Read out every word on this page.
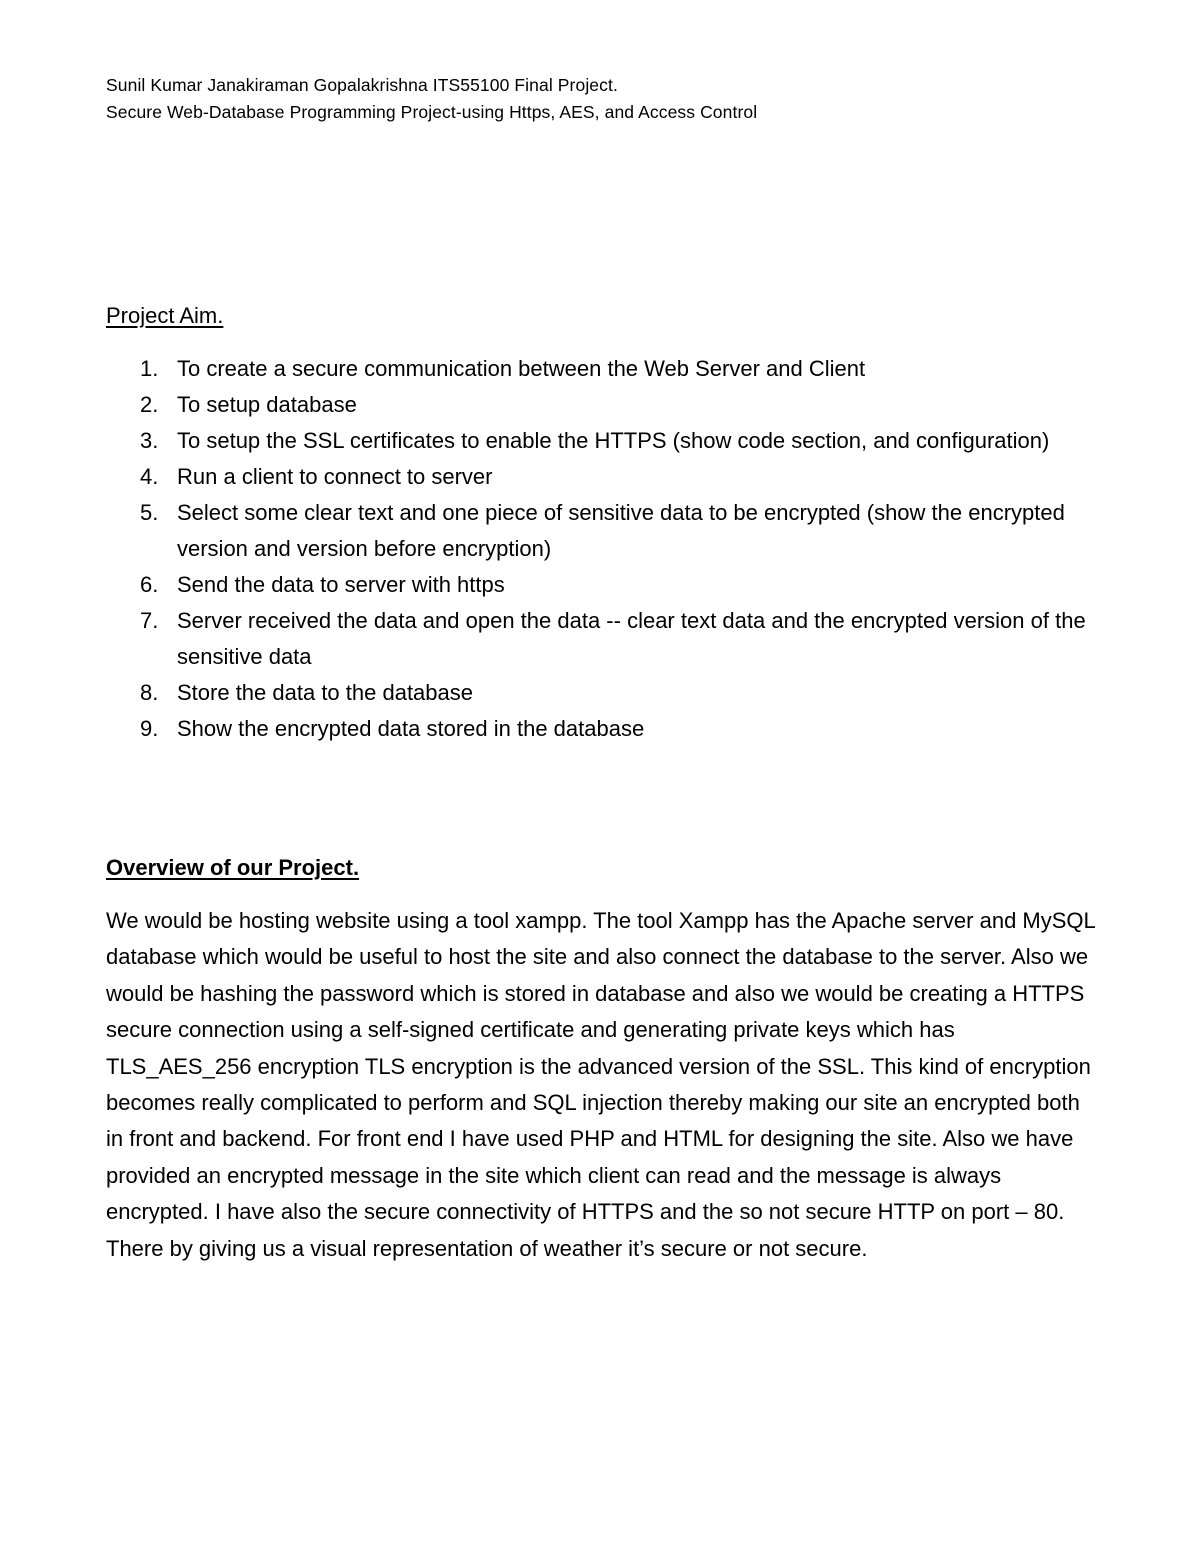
Sunil Kumar Janakiraman Gopalakrishna ITS55100 Final Project.
Secure Web-Database Programming Project-using Https, AES, and Access Control
Project Aim.
1. To create a secure communication between the Web Server and Client
2. To setup database
3. To setup the SSL certificates to enable the HTTPS (show code section, and configuration)
4. Run a client to connect to server
5. Select some clear text and one piece of sensitive data to be encrypted (show the encrypted version and version before encryption)
6. Send the data to server with https
7. Server received the data and open the data -- clear text data and the encrypted version of the sensitive data
8. Store the data to the database
9. Show the encrypted data stored in the database
Overview of our Project.

We would be hosting website using a tool xampp. The tool Xampp has the Apache server and MySQL database which would be useful to host the site and also connect the database to the server. Also we would be hashing the password which is stored in database and also we would be creating a HTTPS secure connection using a self-signed certificate and generating private keys which has TLS_AES_256 encryption TLS encryption is the advanced version of the SSL. This kind of encryption becomes really complicated to perform and SQL injection thereby making our site an encrypted both in front and backend. For front end I have used PHP and HTML for designing the site. Also we have provided an encrypted message in the site which client can read and the message is always encrypted. I have also the secure connectivity of HTTPS and the so not secure HTTP on port – 80. There by giving us a visual representation of weather it’s secure or not secure.
